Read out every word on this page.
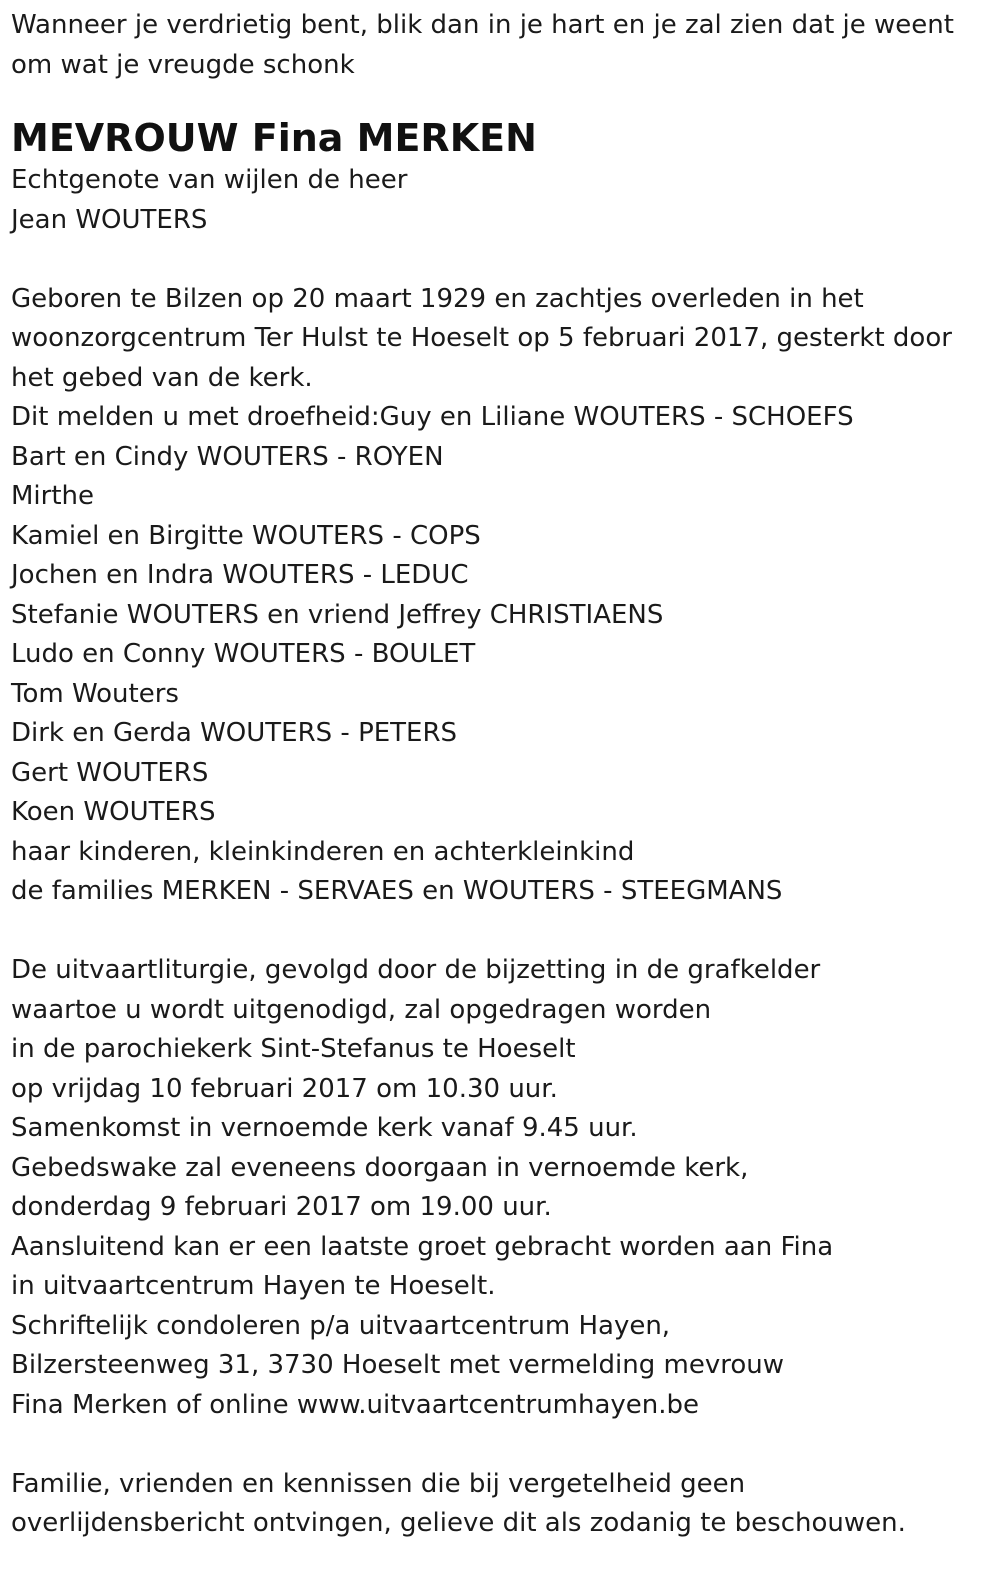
Wanneer je verdrietig bent, blik dan in je hart en je zal zien dat je weent

om wat je vreugde schonk

MEVROUW Fina MERKEN

Echtgenote van wijlen de heer

Jean WOUTERS

Geboren te Bilzen op 20 maart 1929 en zachtjes overleden in het

woonzorgcentrum Ter Hulst te Hoeselt op 5 februari 2017, gesterkt door

het gebed van de kerk.

Dit melden u met droefheid:Guy en Liliane WOUTERS - SCHOEFS

Bart en Cindy WOUTERS - ROYEN

Mirthe

Kamiel en Birgitte WOUTERS - COPS

Jochen en Indra WOUTERS - LEDUC

Stefanie WOUTERS en vriend Jeffrey CHRISTIAENS

Ludo en Conny WOUTERS - BOULET

Tom Wouters

Dirk en Gerda WOUTERS - PETERS

Gert WOUTERS

Koen WOUTERS

haar kinderen, kleinkinderen en achterkleinkind

de families MERKEN - SERVAES en WOUTERS - STEEGMANS

De uitvaartliturgie, gevolgd door de bijzetting in de grafkelder

waartoe u wordt uitgenodigd, zal opgedragen worden

in de parochiekerk Sint-Stefanus te Hoeselt

op vrijdag 10 februari 2017 om 10.30 uur.

Samenkomst in vernoemde kerk vanaf 9.45 uur.

Gebedswake zal eveneens doorgaan in vernoemde kerk,

donderdag 9 februari 2017 om 19.00 uur.

Aansluitend kan er een laatste groet gebracht worden aan Fina

in uitvaartcentrum Hayen te Hoeselt.

Schriftelijk condoleren p/a uitvaartcentrum Hayen,

Bilzersteenweg 31, 3730 Hoeselt met vermelding mevrouw

Fina Merken of online www.uitvaartcentrumhayen.be

Familie, vrienden en kennissen die bij vergetelheid geen

overlijdensbericht ontvingen, gelieve dit als zodanig te beschouwen.
